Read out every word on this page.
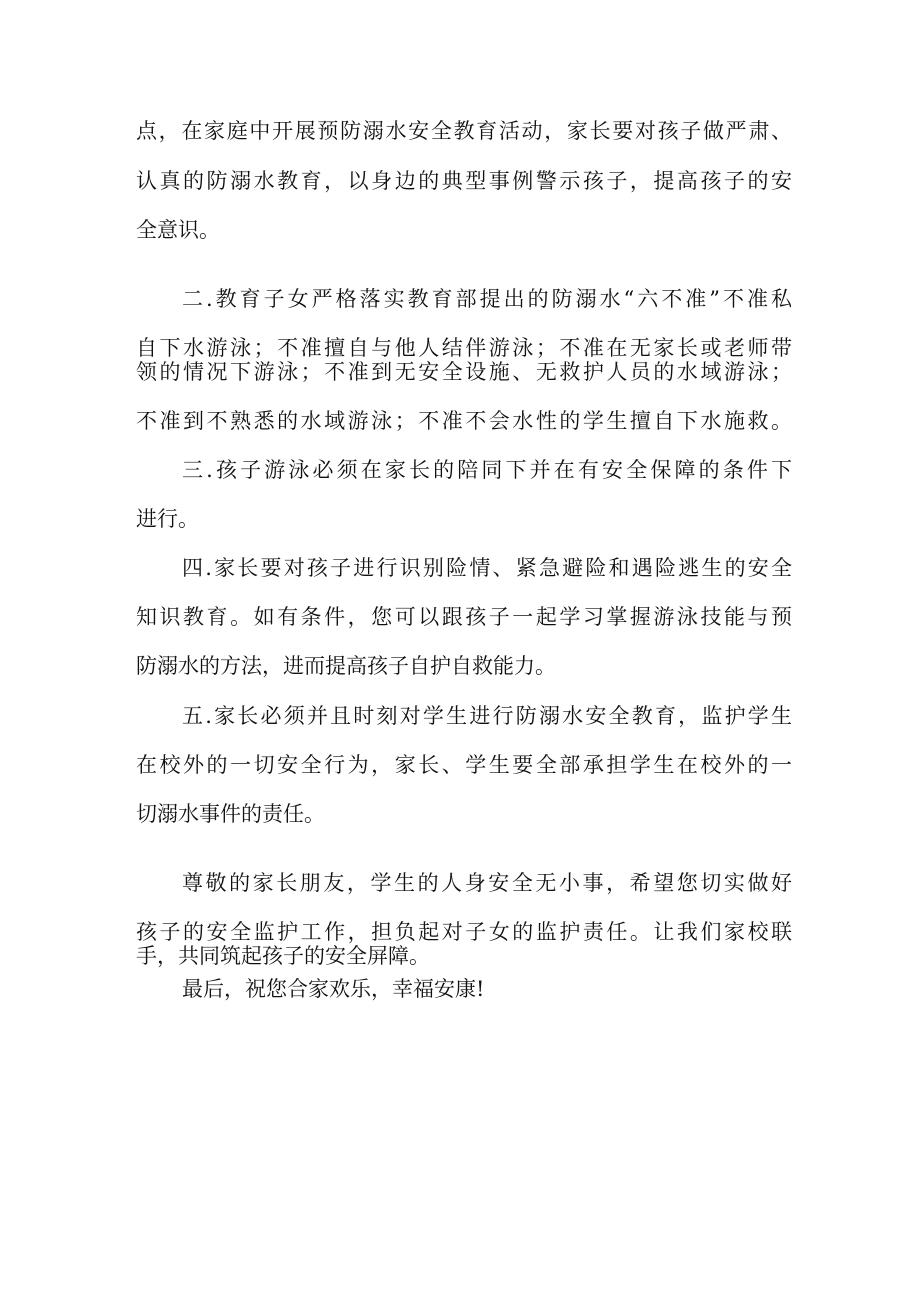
点，在家庭中开展预防溺水安全教育活动，家长要对孩子做严肃、
认真的防溺水教育，以身边的典型事例警示孩子，提高孩子的安
全意识。
二.教育子女严格落实教育部提出的防溺水“六不准”不准私
自下水游泳；不准擅自与他人结伴游泳；不准在无家长或老师带
领的情况下游泳；不准到无安全设施、无救护人员的水域游泳；
不准到不熟悉的水域游泳；不准不会水性的学生擅自下水施救。
三.孩子游泳必须在家长的陪同下并在有安全保障的条件下
进行。
四.家长要对孩子进行识别险情、紧急避险和遇险逃生的安全
知识教育。如有条件，您可以跟孩子一起学习掌握游泳技能与预
防溺水的方法，进而提高孩子自护自救能力。
五.家长必须并且时刻对学生进行防溺水安全教育，监护学生
在校外的一切安全行为，家长、学生要全部承担学生在校外的一
切溺水事件的责任。
尊敬的家长朋友，学生的人身安全无小事，希望您切实做好
孩子的安全监护工作，担负起对子女的监护责任。让我们家校联
手，共同筑起孩子的安全屏障。
最后，祝您合家欢乐，幸福安康!
